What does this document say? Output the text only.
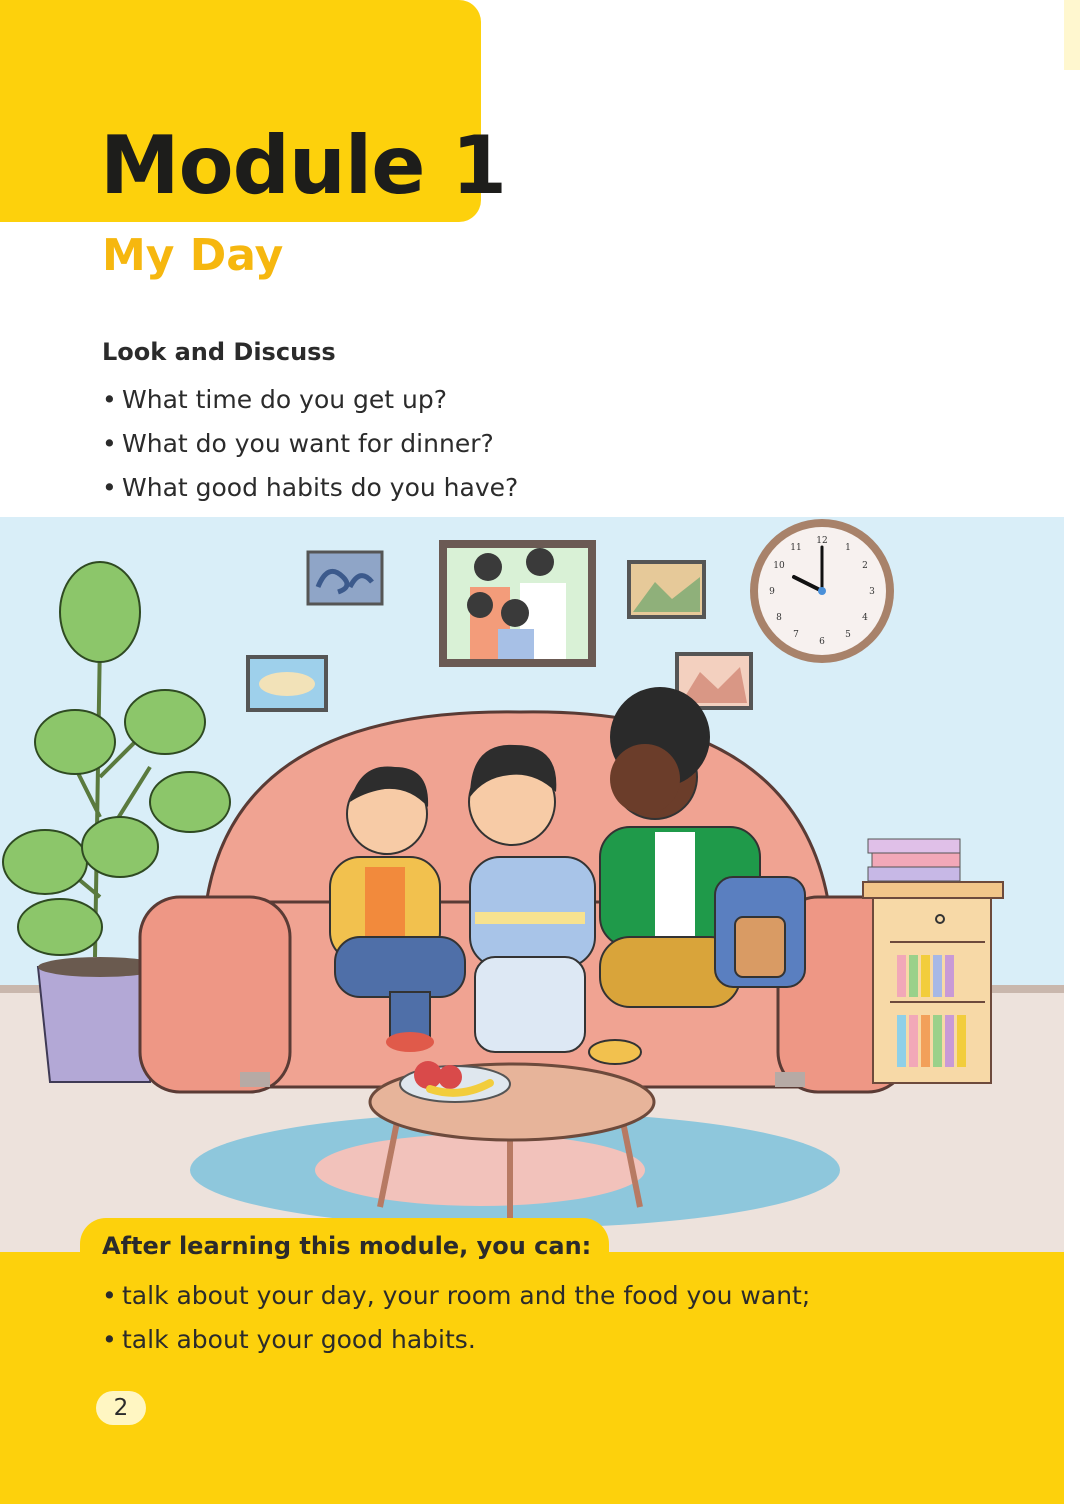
Module 1
My Day
Look and Discuss
• What time do you get up?
• What do you want for dinner?
• What good habits do you have?
12
1
2
3
4
5
6
7
8
9
10
11
After learning this module, you can:
• talk about your day, your room and the food you want;
• talk about your good habits.
2
